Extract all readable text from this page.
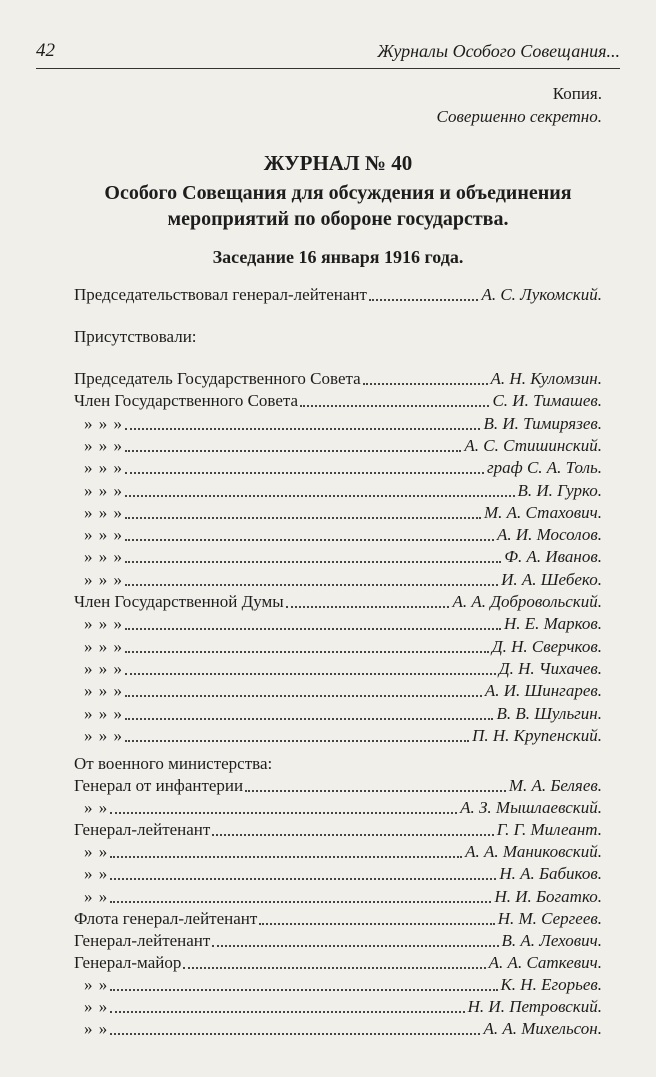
42	Журналы Особого Совещания...
Копия.
Совершенно секретно.
ЖУРНАЛ № 40
Особого Совещания для обсуждения и объединения
мероприятий по обороне государства.
Заседание 16 января 1916 года.
Председательствовал генерал-лейтенант	А. С. Лукомский.
Присутствовали:
Председатель Государственного Совета	А. Н. Куломзин.
Член Государственного Совета	С. И. Тимашев.
» » »	В. И. Тимирязев.
» » »	А. С. Стишинский.
» » »	граф С. А. Толь.
» » »	В. И. Гурко.
» » »	М. А. Стахович.
» » »	А. И. Мосолов.
» » »	Ф. А. Иванов.
» » »	И. А. Шебеко.
Член Государственной Думы	А. А. Добровольский.
» » »	Н. Е. Марков.
» » »	Д. Н. Сверчков.
» » »	Д. Н. Чихачев.
» » »	А. И. Шингарев.
» » »	В. В. Шульгин.
» » »	П. Н. Крупенский.
От военного министерства:
Генерал от инфантерии	М. А. Беляев.
» »	А. З. Мышлаевский.
Генерал-лейтенант	Г. Г. Милеант.
» »	А. А. Маниковский.
» »	Н. А. Бабиков.
» »	Н. И. Богатко.
Флота генерал-лейтенант	Н. М. Сергеев.
Генерал-лейтенант	В. А. Лехович.
Генерал-майор	А. А. Саткевич.
» »	К. Н. Егорьев.
» »	Н. И. Петровский.
» »	А. А. Михельсон.
